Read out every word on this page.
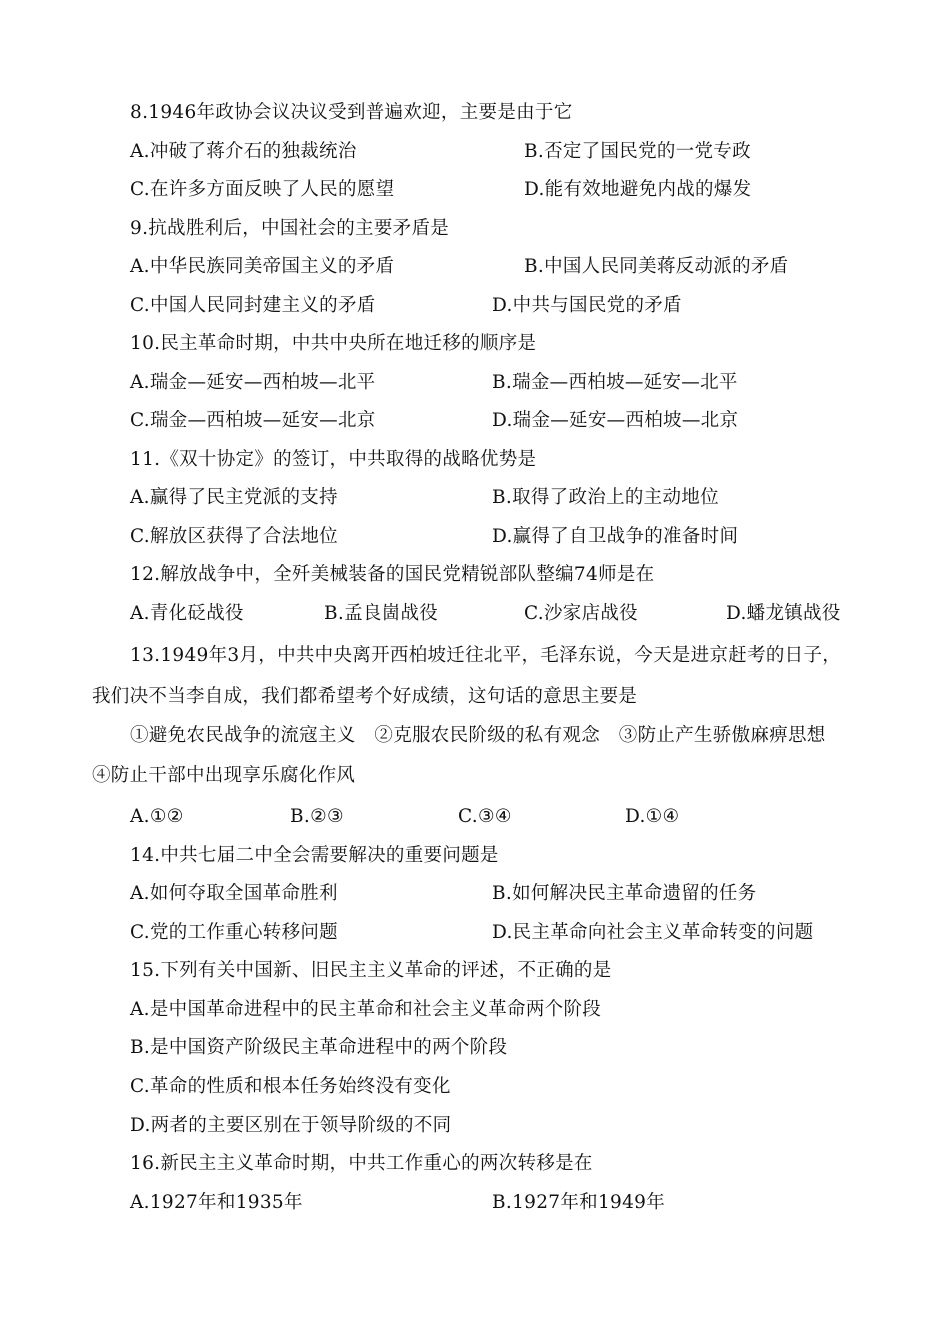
8.1946年政协会议决议受到普遍欢迎，主要是由于它
A.冲破了蒋介石的独裁统治	B.否定了国民党的一党专政
C.在许多方面反映了人民的愿望	D.能有效地避免内战的爆发
9.抗战胜利后，中国社会的主要矛盾是
A.中华民族同美帝国主义的矛盾	B.中国人民同美蒋反动派的矛盾
C.中国人民同封建主义的矛盾	D.中共与国民党的矛盾
10.民主革命时期，中共中央所在地迁移的顺序是
A.瑞金—延安—西柏坡—北平	B.瑞金—西柏坡—延安—北平
C.瑞金—西柏坡—延安—北京	D.瑞金—延安—西柏坡—北京
11.《双十协定》的签订，中共取得的战略优势是
A.赢得了民主党派的支持	B.取得了政治上的主动地位
C.解放区获得了合法地位	D.赢得了自卫战争的准备时间
12.解放战争中，全歼美械装备的国民党精锐部队整编74师是在
A.青化砭战役	B.孟良崮战役	C.沙家店战役	D.蟠龙镇战役
13.1949年3月，中共中央离开西柏坡迁往北平，毛泽东说，今天是进京赶考的日子，
我们决不当李自成，我们都希望考个好成绩，这句话的意思主要是
①避免农民战争的流寇主义　②克服农民阶级的私有观念　③防止产生骄傲麻痹思想
④防止干部中出现享乐腐化作风
A.①②	B.②③	C.③④	D.①④
14.中共七届二中全会需要解决的重要问题是
A.如何夺取全国革命胜利	B.如何解决民主革命遗留的任务
C.党的工作重心转移问题	D.民主革命向社会主义革命转变的问题
15.下列有关中国新、旧民主主义革命的评述，不正确的是
A.是中国革命进程中的民主革命和社会主义革命两个阶段
B.是中国资产阶级民主革命进程中的两个阶段
C.革命的性质和根本任务始终没有变化
D.两者的主要区别在于领导阶级的不同
16.新民主主义革命时期，中共工作重心的两次转移是在
A.1927年和1935年	B.1927年和1949年
